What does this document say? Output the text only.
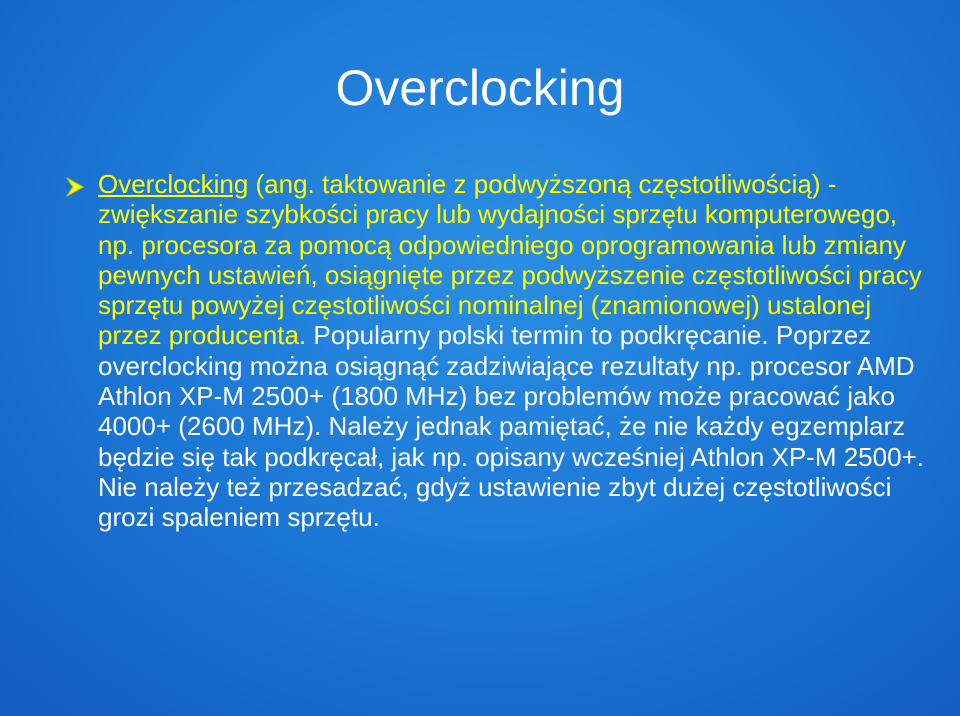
Overclocking

Overclocking (ang. taktowanie z podwyższoną częstotliwością) - zwiększanie szybkości pracy lub wydajności sprzętu komputerowego, np. procesora za pomocą odpowiedniego oprogramowania lub zmiany pewnych ustawień, osiągnięte przez podwyższenie częstotliwości pracy sprzętu powyżej częstotliwości nominalnej (znamionowej) ustalonej przez producenta. Popularny polski termin to podkręcanie. Poprzez overclocking można osiągnąć zadziwiające rezultaty np. procesor AMD Athlon XP-M 2500+ (1800 MHz) bez problemów może pracować jako 4000+ (2600 MHz). Należy jednak pamiętać, że nie każdy egzemplarz będzie się tak podkręcał, jak np. opisany wcześniej Athlon XP-M 2500+. Nie należy też przesadzać, gdyż ustawienie zbyt dużej częstotliwości grozi spaleniem sprzętu.
